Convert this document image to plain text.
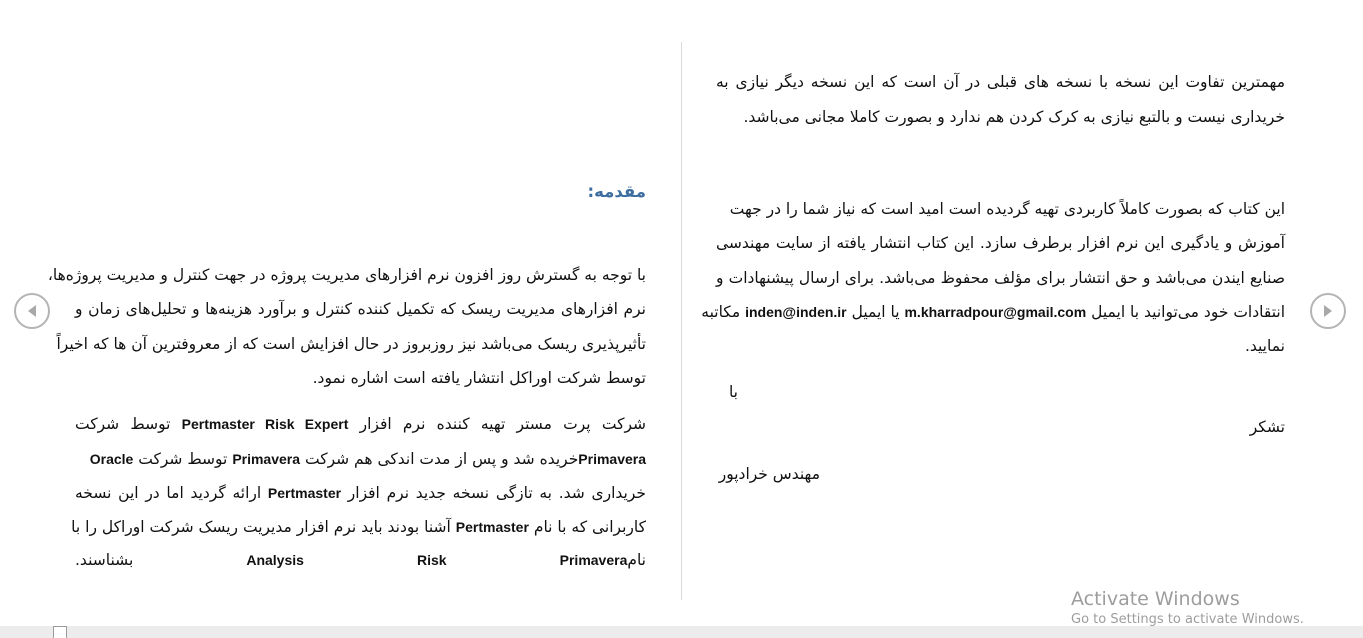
مهمترین تفاوت این نسخه با نسخه های قبلی در آن است که این نسخه دیگر نیازی به
خریداری نیست و بالتبع نیازی به کرک کردن هم ندارد و بصورت کاملا مجانی می‌باشد.
این کتاب که بصورت کاملاً کاربردی تهیه گردیده است امید است که نیاز شما را در جهت
آموزش و یادگیری این نرم افزار برطرف سازد. این کتاب انتشار یافته از سایت مهندسی
صنایع ایندن می‌باشد و حق انتشار برای مؤلف محفوظ می‌باشد. برای ارسال پیشنهادات و
انتقادات خود می‌توانید با ایمیل m.kharradpour@gmail.com یا ایمیل inden@inden.ir مکاتبه
نمایید.
با
تشکر
مهندس خرادپور
مقدمه:
با توجه به گسترش روز افزون نرم افزارهای مدیریت پروژه در جهت کنترل و مدیریت پروژه‌ها،
نرم افزارهای مدیریت ریسک که تکمیل کننده کنترل و برآورد هزینه‌ها و تحلیل‌های زمان و
تأثیرپذیری ریسک می‌باشد نیز روزبروز در حال افزایش است که از معروفترین آن ها که اخیراً
توسط شرکت اوراکل انتشار یافته است اشاره نمود.
شرکت پرت مستر تهیه کننده نرم افزار Pertmaster Risk Expert توسط شرکت
Primaveraخریده شد و پس از مدت اندکی هم شرکت Primavera توسط شرکت Oracle
خریداری شد. به تازگی نسخه جدید نرم افزار Pertmaster ارائه گردید اما در این نسخه
کاربرانی که با نام Pertmaster آشنا بودند باید نرم افزار مدیریت ریسک شرکت اوراکل را با
نامAnalysis	Risk	Primavera بشناسند.
Activate Windows
Go to Settings to activate Windows.
